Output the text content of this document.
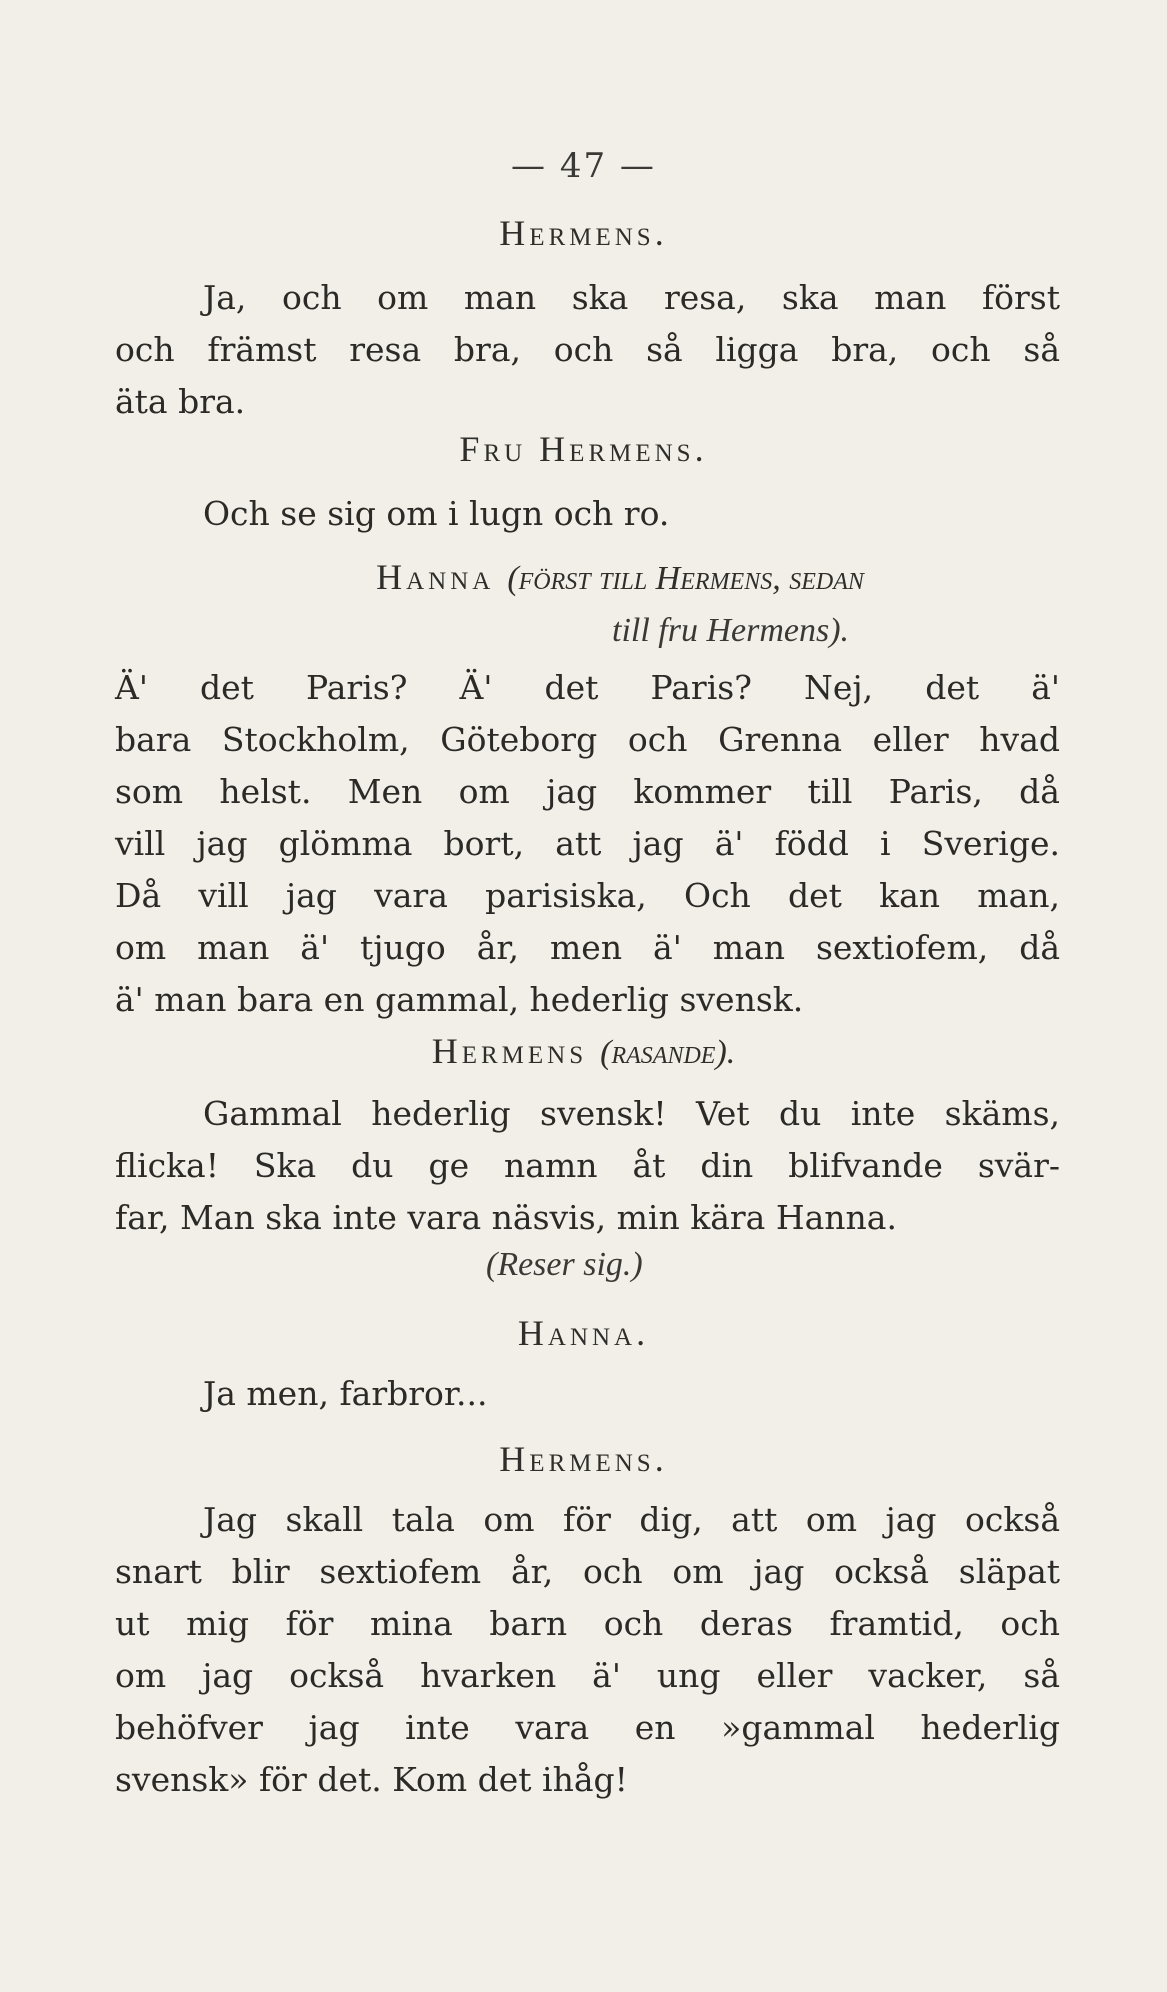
— 47 —
Hermens.
Ja, och om man ska resa, ska man först
och främst resa bra, och så ligga bra, och så
äta bra.
Fru Hermens.
Och se sig om i lugn och ro.
Hanna (först till Hermens, sedan
till fru Hermens).
Ä' det Paris? Ä' det Paris? Nej, det ä'
bara Stockholm, Göteborg och Grenna eller hvad
som helst. Men om jag kommer till Paris, då
vill jag glömma bort, att jag ä' född i Sverige.
Då vill jag vara parisiska, Och det kan man,
om man ä' tjugo år, men ä' man sextiofem, då
ä' man bara en gammal, hederlig svensk.
Hermens (rasande).
Gammal hederlig svensk! Vet du inte skäms,
flicka! Ska du ge namn åt din blifvande svär-
far, Man ska inte vara näsvis, min kära Hanna.
(Reser sig.)
Hanna.
Ja men, farbror...
Hermens.
Jag skall tala om för dig, att om jag också
snart blir sextiofem år, och om jag också släpat
ut mig för mina barn och deras framtid, och
om jag också hvarken ä' ung eller vacker, så
behöfver jag inte vara en »gammal hederlig
svensk» för det. Kom det ihåg!
